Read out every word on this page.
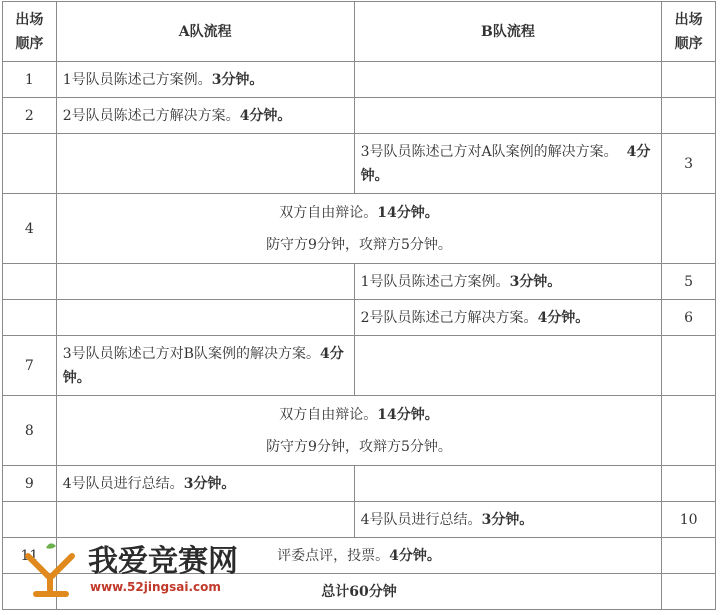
出场顺序	A队流程	B队流程	出场顺序
1	1号队员陈述己方案例。3分钟。		
2	2号队员陈述己方解决方案。4分钟。		
		3号队员陈述己方对A队案例的解决方案。 4分钟。	3
4	双方自由辩论。14分钟。
防守方9分钟，攻辩方5分钟。		

		1号队员陈述己方案例。3分钟。	5
		2号队员陈述己方解决方案。4分钟。	6
7	3号队员陈述己方对B队案例的解决方案。4分钟。		
8	双方自由辩论。14分钟。
防守方9分钟，攻辩方5分钟。		

9	4号队员进行总结。3分钟。		
		4号队员进行总结。3分钟。	10
11	评委点评，投票。4分钟。		
	总计60分钟		
我爱竞赛网
www.52jingsai.com
